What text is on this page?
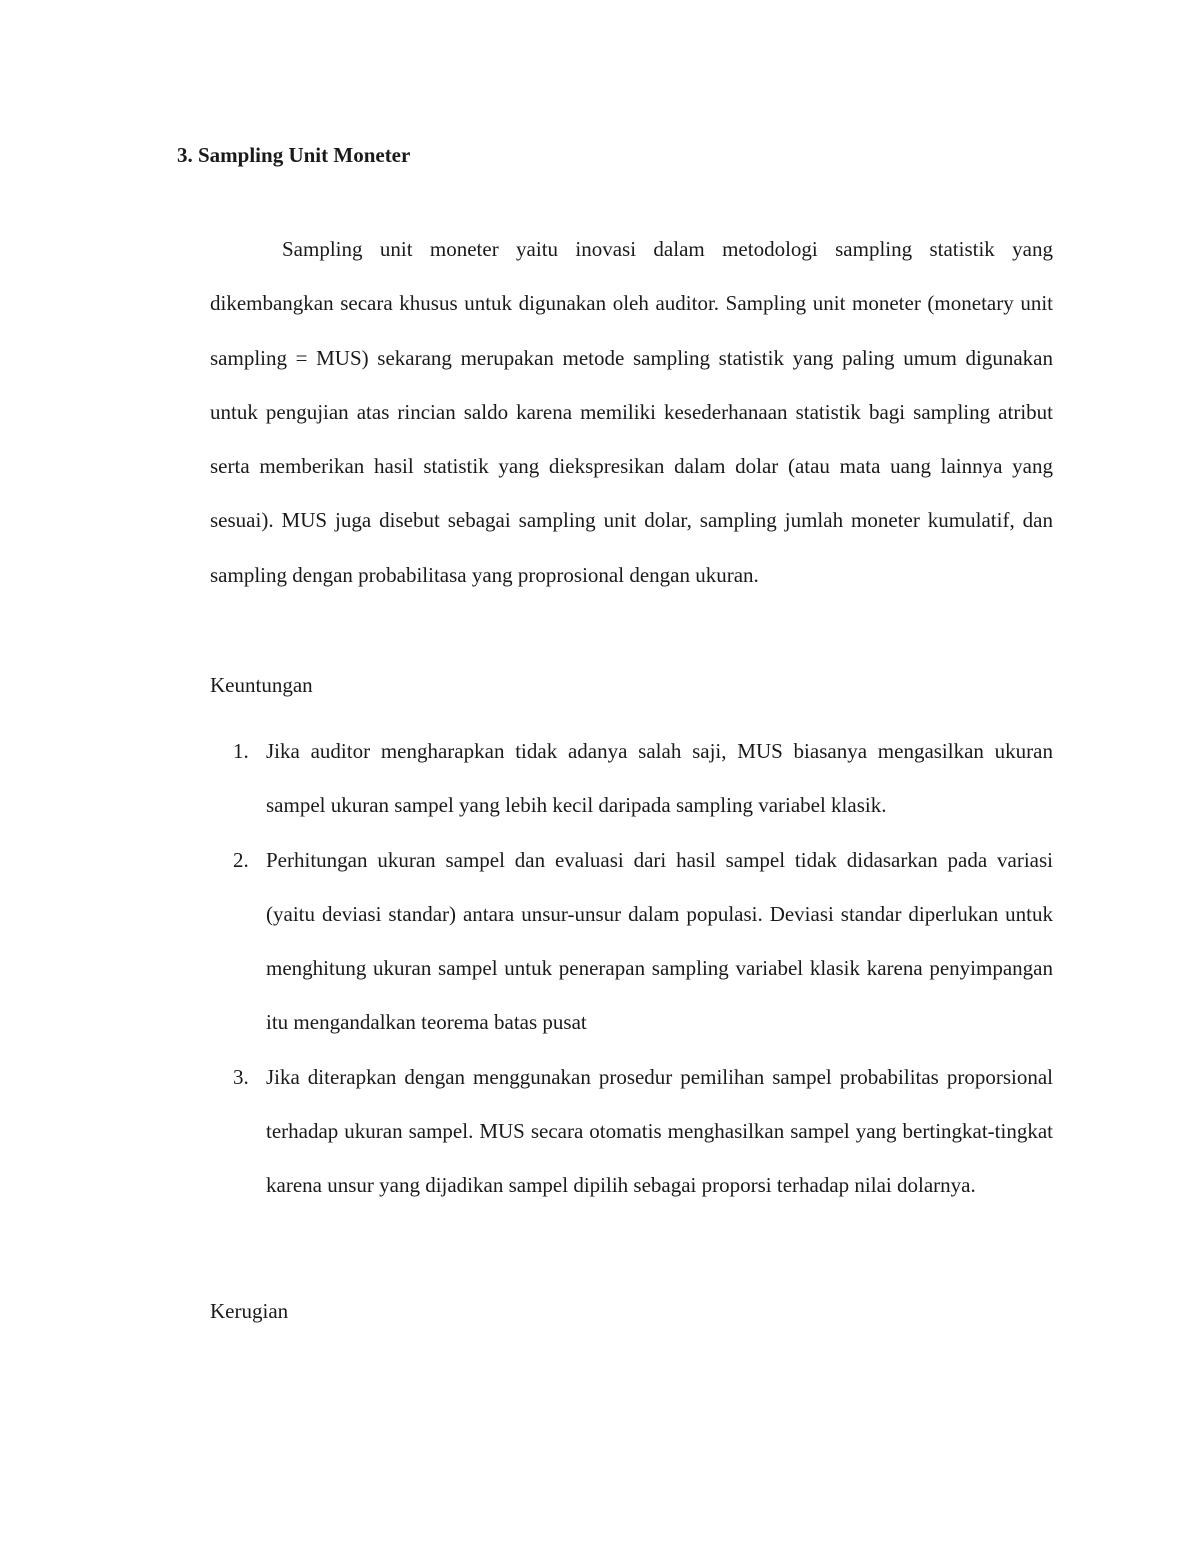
3. Sampling Unit Moneter

Sampling unit moneter yaitu inovasi dalam metodologi sampling statistik yang dikembangkan secara khusus untuk digunakan oleh auditor. Sampling unit moneter (monetary unit sampling = MUS) sekarang merupakan metode sampling statistik yang paling umum digunakan untuk pengujian atas rincian saldo karena memiliki kesederhanaan statistik bagi sampling atribut serta memberikan hasil statistik yang diekspresikan dalam dolar (atau mata uang lainnya yang sesuai). MUS juga disebut sebagai sampling unit dolar, sampling jumlah moneter kumulatif, dan sampling dengan probabilitasa yang proprosional dengan ukuran.

Keuntungan

1. Jika auditor mengharapkan tidak adanya salah saji, MUS biasanya mengasilkan ukuran sampel ukuran sampel yang lebih kecil daripada sampling variabel klasik.
2. Perhitungan ukuran sampel dan evaluasi dari hasil sampel tidak didasarkan pada variasi (yaitu deviasi standar) antara unsur-unsur dalam populasi. Deviasi standar diperlukan untuk menghitung ukuran sampel untuk penerapan sampling variabel klasik karena penyimpangan itu mengandalkan teorema batas pusat
3. Jika diterapkan dengan menggunakan prosedur pemilihan sampel probabilitas proporsional terhadap ukuran sampel. MUS secara otomatis menghasilkan sampel yang bertingkat-tingkat karena unsur yang dijadikan sampel dipilih sebagai proporsi terhadap nilai dolarnya.

Kerugian
